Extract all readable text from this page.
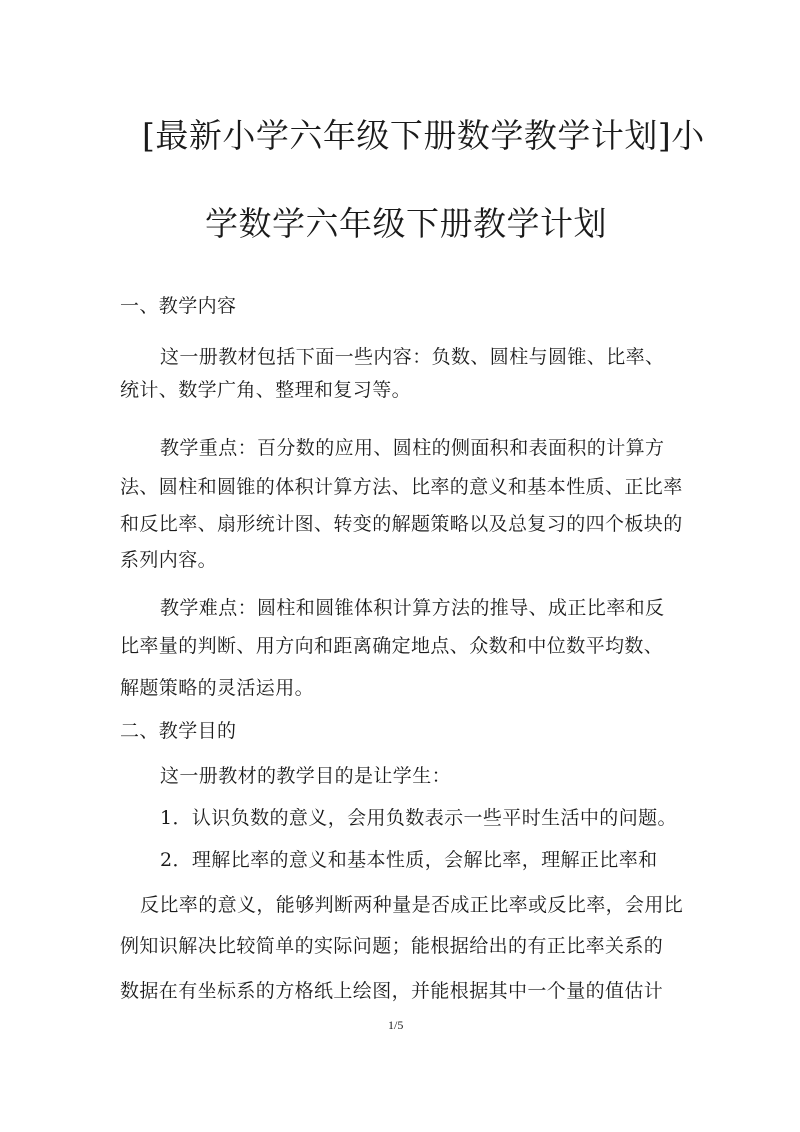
[最新小学六年级下册数学教学计划]小
学数学六年级下册教学计划
一、教学内容
这一册教材包括下面一些内容：负数、圆柱与圆锥、比率、
统计、数学广角、整理和复习等。
教学重点：百分数的应用、圆柱的侧面积和表面积的计算方
法、圆柱和圆锥的体积计算方法、比率的意义和基本性质、正比率
和反比率、扇形统计图、转变的解题策略以及总复习的四个板块的
系列内容。
教学难点：圆柱和圆锥体积计算方法的推导、成正比率和反
比率量的判断、用方向和距离确定地点、众数和中位数平均数、
解题策略的灵活运用。
二、教学目的
这一册教材的教学目的是让学生：
1．认识负数的意义，会用负数表示一些平时生活中的问题。
2．理解比率的意义和基本性质，会解比率，理解正比率和
反比率的意义，能够判断两种量是否成正比率或反比率，会用比
例知识解决比较简单的实际问题；能根据给出的有正比率关系的
数据在有坐标系的方格纸上绘图，并能根据其中一个量的值估计
1/5
